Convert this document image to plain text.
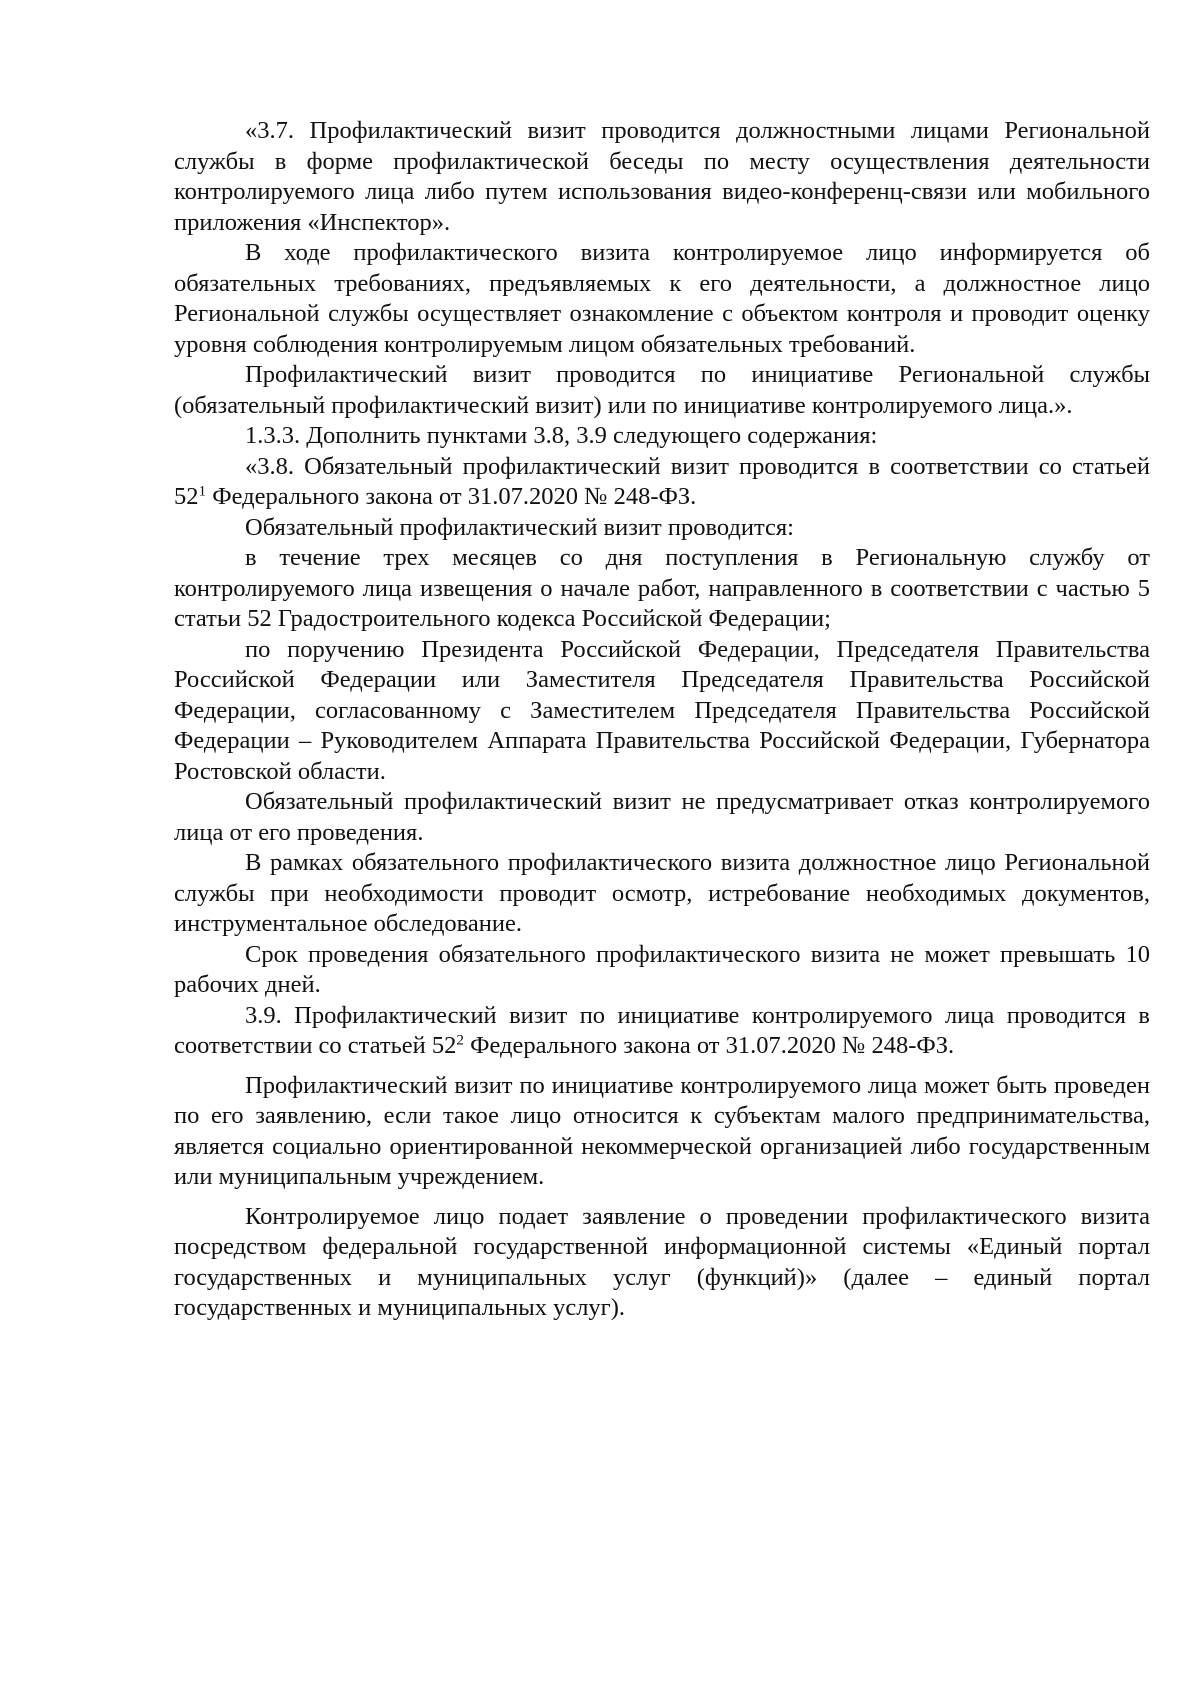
«3.7. Профилактический визит проводится должностными лицами Региональной службы в форме профилактической беседы по месту осуществления деятельности контролируемого лица либо путем использования видео-конференц-связи или мобильного приложения «Инспектор».

В ходе профилактического визита контролируемое лицо информируется об обязательных требованиях, предъявляемых к его деятельности, а должностное лицо Региональной службы осуществляет ознакомление с объектом контроля и проводит оценку уровня соблюдения контролируемым лицом обязательных требований.

Профилактический визит проводится по инициативе Региональной службы (обязательный профилактический визит) или по инициативе контролируемого лица.».

1.3.3. Дополнить пунктами 3.8, 3.9 следующего содержания:

«3.8. Обязательный профилактический визит проводится в соответствии со статьей $52^1$ Федерального закона от 31.07.2020 № 248-ФЗ.

Обязательный профилактический визит проводится:

в течение трех месяцев со дня поступления в Региональную службу от контролируемого лица извещения о начале работ, направленного в соответствии с частью 5 статьи 52 Градостроительного кодекса Российской Федерации;

по поручению Президента Российской Федерации, Председателя Правительства Российской Федерации или Заместителя Председателя Правительства Российской Федерации, согласованному с Заместителем Председателя Правительства Российской Федерации – Руководителем Аппарата Правительства Российской Федерации, Губернатора Ростовской области.

Обязательный профилактический визит не предусматривает отказ контролируемого лица от его проведения.

В рамках обязательного профилактического визита должностное лицо Региональной службы при необходимости проводит осмотр, истребование необходимых документов, инструментальное обследование.

Срок проведения обязательного профилактического визита не может превышать 10 рабочих дней.

3.9. Профилактический визит по инициативе контролируемого лица проводится в соответствии со статьей $52^2$ Федерального закона от 31.07.2020 № 248-ФЗ.

Профилактический визит по инициативе контролируемого лица может быть проведен по его заявлению, если такое лицо относится к субъектам малого предпринимательства, является социально ориентированной некоммерческой организацией либо государственным или муниципальным учреждением.

Контролируемое лицо подает заявление о проведении профилактического визита посредством федеральной государственной информационной системы «Единый портал государственных и муниципальных услуг (функций)» (далее – единый портал государственных и муниципальных услуг).
